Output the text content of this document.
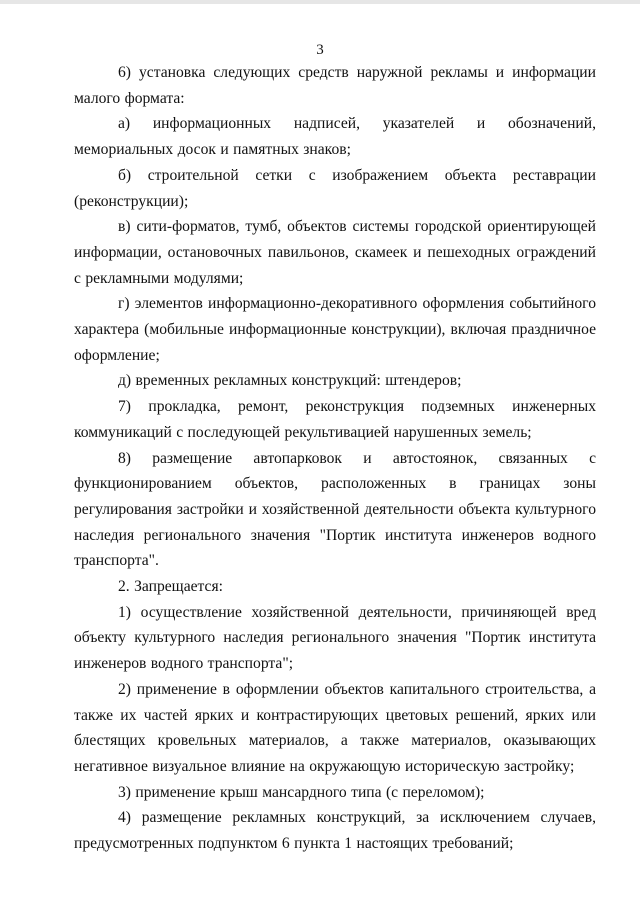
3

6) установка следующих средств наружной рекламы и информации малого формата:

а) информационных надписей, указателей и обозначений, мемориальных досок и памятных знаков;

б) строительной сетки с изображением объекта реставрации (реконструкции);

в) сити-форматов, тумб, объектов системы городской ориентирующей информации, остановочных павильонов, скамеек и пешеходных ограждений с рекламными модулями;

г) элементов информационно-декоративного оформления событийного характера (мобильные информационные конструкции), включая праздничное оформление;

д) временных рекламных конструкций: штендеров;

7) прокладка, ремонт, реконструкция подземных инженерных коммуникаций с последующей рекультивацией нарушенных земель;

8) размещение автопарковок и автостоянок, связанных с функционированием объектов, расположенных в границах зоны регулирования застройки и хозяйственной деятельности объекта культурного наследия регионального значения "Портик института инженеров водного транспорта".

2. Запрещается:

1) осуществление хозяйственной деятельности, причиняющей вред объекту культурного наследия регионального значения "Портик института инженеров водного транспорта";

2) применение в оформлении объектов капитального строительства, а также их частей ярких и контрастирующих цветовых решений, ярких или блестящих кровельных материалов, а также материалов, оказывающих негативное визуальное влияние на окружающую историческую застройку;

3) применение крыш мансардного типа (с переломом);

4) размещение рекламных конструкций, за исключением случаев, предусмотренных подпунктом 6 пункта 1 настоящих требований;
